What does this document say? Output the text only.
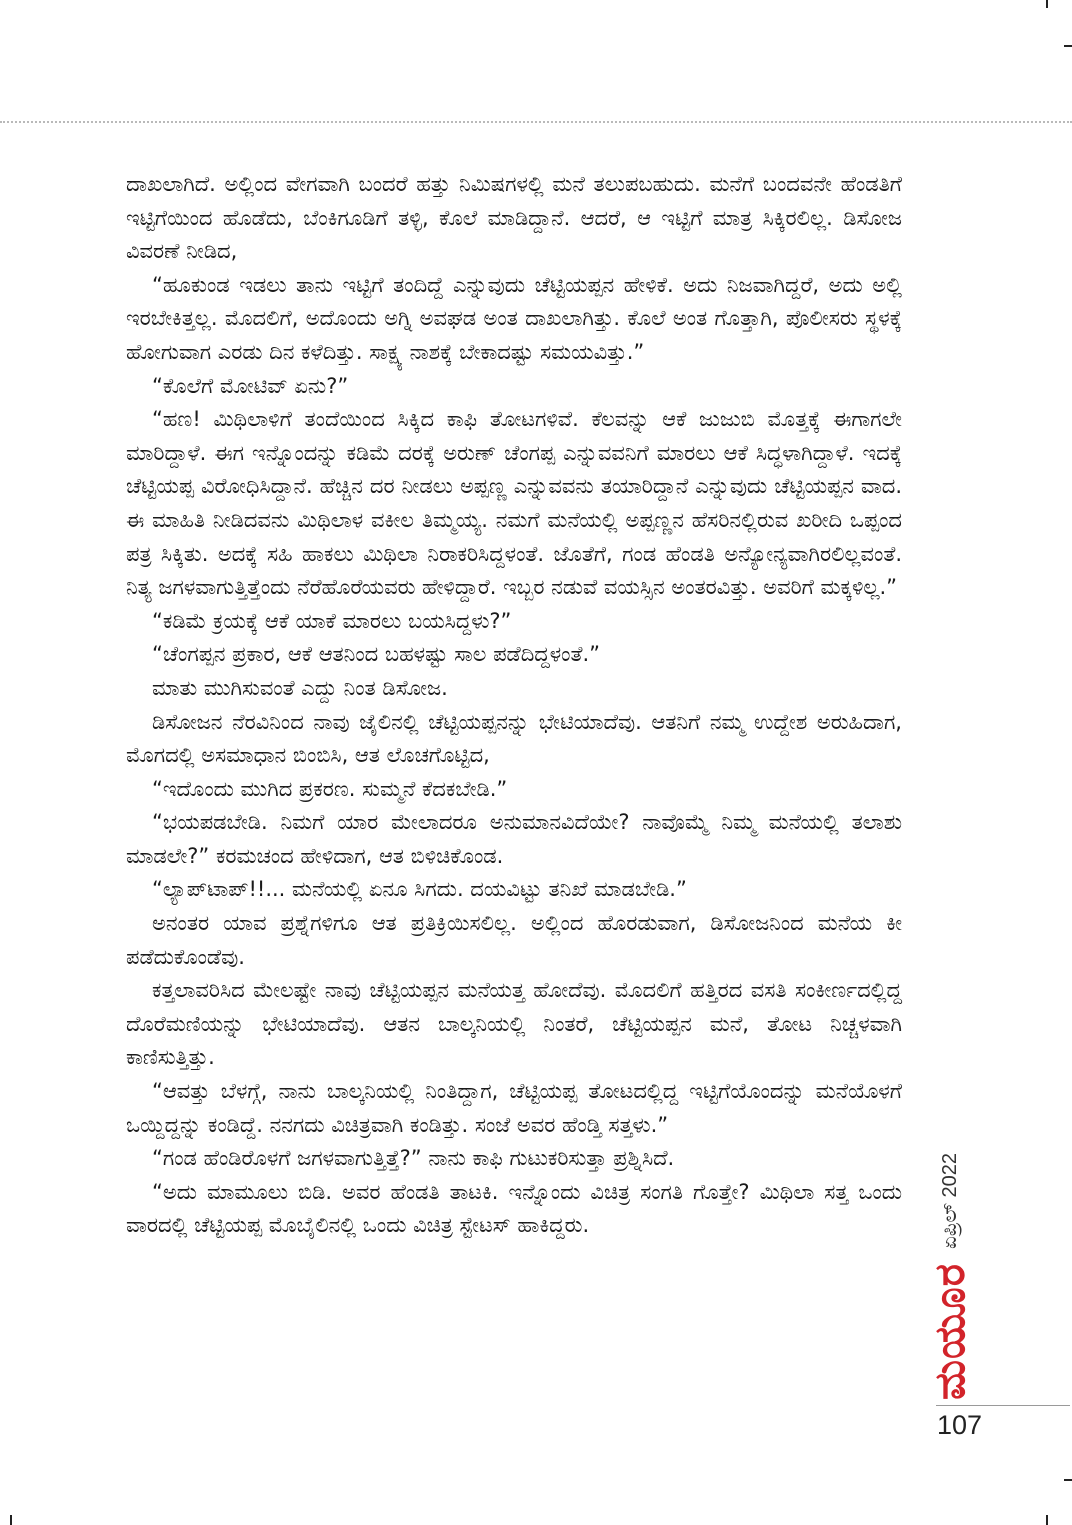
ದಾಖಲಾಗಿದೆ. ಅಲ್ಲಿಂದ ವೇಗವಾಗಿ ಬಂದರೆ ಹತ್ತು ನಿಮಿಷಗಳಲ್ಲಿ ಮನೆ ತಲುಪಬಹುದು. ಮನೆಗೆ ಬಂದವನೇ ಹೆಂಡತಿಗೆ ಇಟ್ಟಿಗೆಯಿಂದ ಹೊಡೆದು, ಬೆಂಕಿಗೂಡಿಗೆ ತಳ್ಳಿ, ಕೊಲೆ ಮಾಡಿದ್ದಾನೆ. ಆದರೆ, ಆ ಇಟ್ಟಿಗೆ ಮಾತ್ರ ಸಿಕ್ಕಿರಲಿಲ್ಲ. ಡಿಸೋಜ ವಿವರಣೆ ನೀಡಿದ,

“ಹೂಕುಂಡ ಇಡಲು ತಾನು ಇಟ್ಟಿಗೆ ತಂದಿದ್ದೆ ಎನ್ನುವುದು ಚೆಟ್ಟಿಯಪ್ಪನ ಹೇಳಿಕೆ. ಅದು ನಿಜವಾಗಿದ್ದರೆ, ಅದು ಅಲ್ಲಿ ಇರಬೇಕಿತ್ತಲ್ಲ. ಮೊದಲಿಗೆ, ಅದೊಂದು ಅಗ್ನಿ ಅವಘಡ ಅಂತ ದಾಖಲಾಗಿತ್ತು. ಕೊಲೆ ಅಂತ ಗೊತ್ತಾಗಿ, ಪೊಲೀಸರು ಸ್ಥಳಕ್ಕೆ ಹೋಗುವಾಗ ಎರಡು ದಿನ ಕಳೆದಿತ್ತು. ಸಾಕ್ಷ್ಯ ನಾಶಕ್ಕೆ ಬೇಕಾದಷ್ಟು ಸಮಯವಿತ್ತು.”

“ಕೊಲೆಗೆ ಮೋಟಿವ್ ಏನು?”

“ಹಣ! ಮಿಥಿಲಾಳಿಗೆ ತಂದೆಯಿಂದ ಸಿಕ್ಕಿದ ಕಾಫಿ ತೋಟಗಳಿವೆ. ಕೆಲವನ್ನು ಆಕೆ ಜುಜುಬಿ ಮೊತ್ತಕ್ಕೆ ಈಗಾಗಲೇ ಮಾರಿದ್ದಾಳೆ. ಈಗ ಇನ್ನೊಂದನ್ನು ಕಡಿಮೆ ದರಕ್ಕೆ ಅರುಣ್ ಚೆಂಗಪ್ಪ ಎನ್ನುವವನಿಗೆ ಮಾರಲು ಆಕೆ ಸಿದ್ಧಳಾಗಿದ್ದಾಳೆ. ಇದಕ್ಕೆ ಚೆಟ್ಟಿಯಪ್ಪ ವಿರೋಧಿಸಿದ್ದಾನೆ. ಹೆಚ್ಚಿನ ದರ ನೀಡಲು ಅಪ್ಪಣ್ಣ ಎನ್ನುವವನು ತಯಾರಿದ್ದಾನೆ ಎನ್ನುವುದು ಚೆಟ್ಟಿಯಪ್ಪನ ವಾದ. ಈ ಮಾಹಿತಿ ನೀಡಿದವನು ಮಿಥಿಲಾಳ ವಕೀಲ ತಿಮ್ಮಯ್ಯ. ನಮಗೆ ಮನೆಯಲ್ಲಿ ಅಪ್ಪಣ್ಣನ ಹೆಸರಿನಲ್ಲಿರುವ ಖರೀದಿ ಒಪ್ಪಂದ ಪತ್ರ ಸಿಕ್ಕಿತು. ಅದಕ್ಕೆ ಸಹಿ ಹಾಕಲು ಮಿಥಿಲಾ ನಿರಾಕರಿಸಿದ್ದಳಂತೆ. ಜೊತೆಗೆ, ಗಂಡ ಹೆಂಡತಿ ಅನ್ಯೋನ್ಯವಾಗಿರಲಿಲ್ಲವಂತೆ. ನಿತ್ಯ ಜಗಳವಾಗುತ್ತಿತ್ತೆಂದು ನೆರೆಹೊರೆಯವರು ಹೇಳಿದ್ದಾರೆ. ಇಬ್ಬರ ನಡುವೆ ವಯಸ್ಸಿನ ಅಂತರವಿತ್ತು. ಅವರಿಗೆ ಮಕ್ಕಳಿಲ್ಲ.”

“ಕಡಿಮೆ ಕ್ರಯಕ್ಕೆ ಆಕೆ ಯಾಕೆ ಮಾರಲು ಬಯಸಿದ್ದಳು?”

“ಚೆಂಗಪ್ಪನ ಪ್ರಕಾರ, ಆಕೆ ಆತನಿಂದ ಬಹಳಷ್ಟು ಸಾಲ ಪಡೆದಿದ್ದಳಂತೆ.”

ಮಾತು ಮುಗಿಸುವಂತೆ ಎದ್ದು ನಿಂತ ಡಿಸೋಜ.

ಡಿಸೋಜನ ನೆರವಿನಿಂದ ನಾವು ಜೈಲಿನಲ್ಲಿ ಚೆಟ್ಟಿಯಪ್ಪನನ್ನು ಭೇಟಿಯಾದೆವು. ಆತನಿಗೆ ನಮ್ಮ ಉದ್ದೇಶ ಅರುಹಿದಾಗ, ಮೊಗದಲ್ಲಿ ಅಸಮಾಧಾನ ಬಿಂಬಿಸಿ, ಆತ ಲೊಚಗೊಟ್ಟಿದ,

“ಇದೊಂದು ಮುಗಿದ ಪ್ರಕರಣ. ಸುಮ್ಮನೆ ಕೆದಕಬೇಡಿ.”

“ಭಯಪಡಬೇಡಿ. ನಿಮಗೆ ಯಾರ ಮೇಲಾದರೂ ಅನುಮಾನವಿದೆಯೇ? ನಾವೊಮ್ಮೆ ನಿಮ್ಮ ಮನೆಯಲ್ಲಿ ತಲಾಶು ಮಾಡಲೇ?” ಕರಮಚಂದ ಹೇಳಿದಾಗ, ಆತ ಬಿಳಿಚಿಕೊಂಡ.

“ಲ್ಯಾಪ್‌ಟಾಪ್!!... ಮನೆಯಲ್ಲಿ ಏನೂ ಸಿಗದು. ದಯವಿಟ್ಟು ತನಿಖೆ ಮಾಡಬೇಡಿ.”

ಅನಂತರ ಯಾವ ಪ್ರಶ್ನೆಗಳಿಗೂ ಆತ ಪ್ರತಿಕ್ರಿಯಿಸಲಿಲ್ಲ. ಅಲ್ಲಿಂದ ಹೊರಡುವಾಗ, ಡಿಸೋಜನಿಂದ ಮನೆಯ ಕೀ ಪಡೆದುಕೊಂಡೆವು.

ಕತ್ತಲಾವರಿಸಿದ ಮೇಲಷ್ಟೇ ನಾವು ಚೆಟ್ಟಿಯಪ್ಪನ ಮನೆಯತ್ತ ಹೋದೆವು. ಮೊದಲಿಗೆ ಹತ್ತಿರದ ವಸತಿ ಸಂಕೀರ್ಣದಲ್ಲಿದ್ದ ದೊರೆಮಣಿಯನ್ನು ಭೇಟಿಯಾದೆವು. ಆತನ ಬಾಲ್ಕನಿಯಲ್ಲಿ ನಿಂತರೆ, ಚೆಟ್ಟಿಯಪ್ಪನ ಮನೆ, ತೋಟ ನಿಚ್ಚಳವಾಗಿ ಕಾಣಿಸುತ್ತಿತ್ತು.

“ಆವತ್ತು ಬೆಳಗ್ಗೆ, ನಾನು ಬಾಲ್ಕನಿಯಲ್ಲಿ ನಿಂತಿದ್ದಾಗ, ಚೆಟ್ಟಿಯಪ್ಪ ತೋಟದಲ್ಲಿದ್ದ ಇಟ್ಟಿಗೆಯೊಂದನ್ನು ಮನೆಯೊಳಗೆ ಒಯ್ದಿದ್ದನ್ನು ಕಂಡಿದ್ದೆ. ನನಗದು ವಿಚಿತ್ರವಾಗಿ ಕಂಡಿತ್ತು. ಸಂಜೆ ಅವರ ಹೆಂಡ್ತಿ ಸತ್ತಳು.”

“ಗಂಡ ಹೆಂಡಿರೊಳಗೆ ಜಗಳವಾಗುತ್ತಿತ್ತೆ?” ನಾನು ಕಾಫಿ ಗುಟುಕರಿಸುತ್ತಾ ಪ್ರಶ್ನಿಸಿದೆ.

“ಅದು ಮಾಮೂಲು ಬಿಡಿ. ಅವರ ಹೆಂಡತಿ ತಾಟಕಿ. ಇನ್ನೊಂದು ವಿಚಿತ್ರ ಸಂಗತಿ ಗೊತ್ತೇ? ಮಿಥಿಲಾ ಸತ್ತ ಒಂದು ವಾರದಲ್ಲಿ ಚೆಟ್ಟಿಯಪ್ಪ ಮೊಬೈಲಿನಲ್ಲಿ ಒಂದು ವಿಚಿತ್ರ ಸ್ಟೇಟಸ್ ಹಾಕಿದ್ದರು.

ಮಯೂರ
ಏಪ್ರಿಲ್ 2022
107
